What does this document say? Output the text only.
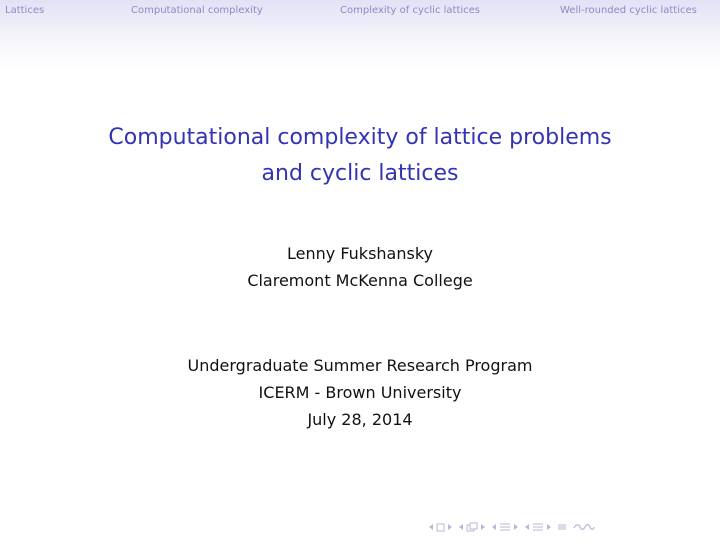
Lattices	Computational complexity	Complexity of cyclic lattices	Well-rounded cyclic lattices
Computational complexity of lattice problems
and cyclic lattices
Lenny Fukshansky
Claremont McKenna College
Undergraduate Summer Research Program
ICERM - Brown University
July 28, 2014
